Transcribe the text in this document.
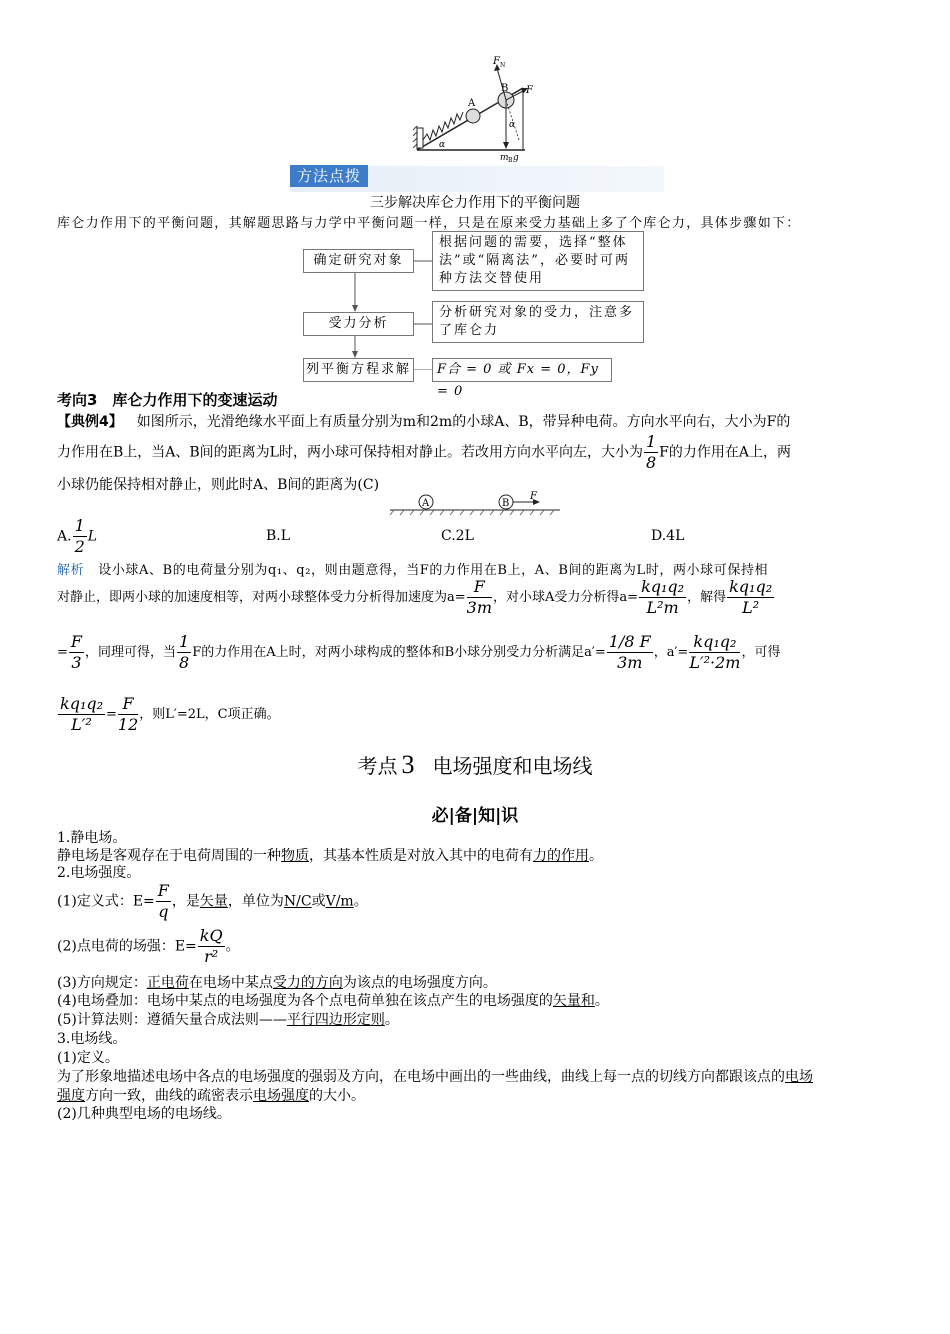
F N
A
B F
α
α
m B g
方法点拨
三步解决库仑力作用下的平衡问题
库仑力作用下的平衡问题，其解题思路与力学中平衡问题一样，只是在原来受力基础上多了个库仑力，具体步骤如下：
确定研究对象
根据问题的需要，选择“整体
法”或“隔离法”，必要时可两
种方法交替使用
受力分析
分析研究对象的受力，注意多
了库仑力
列平衡方程求解	F合 = 0 或 Fx = 0，Fy = 0
考向3　库仑力作用下的变速运动
【典例4】 如图所示，光滑绝缘水平面上有质量分别为m和2m的小球A、B，带异种电荷。方向水平向右，大小为F的
力作用在B上，当A、B间的距离为L时，两小球可保持相对静止。若改用方向水平向左，大小为 $\frac{1}{8}$ F的力作用在A上，两
小球仍能保持相对静止，则此时A、B间的距离为(C)
A	B
F
A. $\frac{1}{2}$ L	B.L	C.2L	D.4L
解析 设小球A、B的电荷量分别为q₁、q₂，则由题意得，当F的力作用在B上，A、B间的距离为L时，两小球可保持相
对静止，即两小球的加速度相等，对两小球整体受力分析得加速度为$a= \frac{F}{3m}$ ，对小球A受力分析得$a= \frac{\text{kq₁q₂}}{\text{L²m}}$ ，解得 $\frac{\text{kq₁q₂}}{\text{L²}}$
= $\frac{F}{3}$ ，同理可得，当 $\frac{1}{8}$ F的力作用在A上时，对两小球构成的整体和B小球分别受力分析满足$a'= \frac{1/8 F}{3m}$ ，$a'= \frac{\text{kq₁q₂}}{\text{L′²·2m}}$ ，可得
$\frac{\text{kq₁q₂}}{\text{L′²}} = \frac{F}{12}$ ，则L′=2L，C项正确。
考点 3 电场强度和电场线
必|备|知|识
1.静电场。
静电场是客观存在于电荷周围的一种物质，其基本性质是对放入其中的电荷有力的作用。
2.电场强度。
(1)定义式：$E= \frac{F}{q}$ ，是矢量，单位为N/C或V/m。
(2)点电荷的场强：$E= \frac{kQ}{\text{r²}}$ 。
(3)方向规定：正电荷在电场中某点受力的方向为该点的电场强度方向。
(4)电场叠加：电场中某点的电场强度为各个点电荷单独在该点产生的电场强度的矢量和。
(5)计算法则：遵循矢量合成法则——平行四边形定则。
3.电场线。
(1)定义。
为了形象地描述电场中各点的电场强度的强弱及方向，在电场中画出的一些曲线，曲线上每一点的切线方向都跟该点的电场
强度方向一致，曲线的疏密表示电场强度的大小。
(2)几种典型电场的电场线。
